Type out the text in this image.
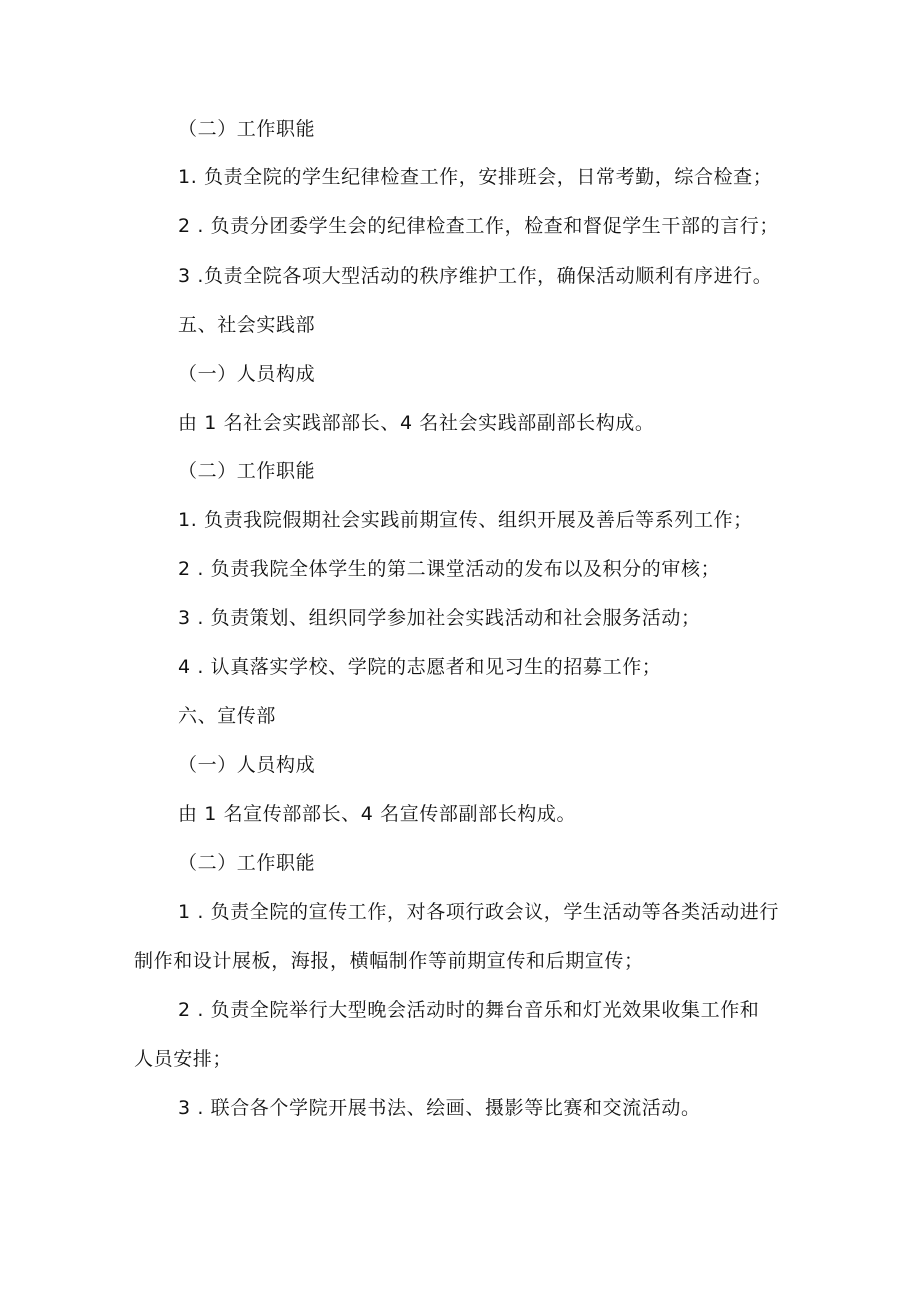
（二）工作职能
1. 负责全院的学生纪律检查工作，安排班会，日常考勤，综合检查；
2 . 负责分团委学生会的纪律检查工作，检查和督促学生干部的言行；
3 .负责全院各项大型活动的秩序维护工作，确保活动顺利有序进行。
五、社会实践部
（一）人员构成
由 1 名社会实践部部长、4 名社会实践部副部长构成。
（二）工作职能
1. 负责我院假期社会实践前期宣传、组织开展及善后等系列工作；
2 . 负责我院全体学生的第二课堂活动的发布以及积分的审核；
3 . 负责策划、组织同学参加社会实践活动和社会服务活动；
4 . 认真落实学校、学院的志愿者和见习生的招募工作；
六、宣传部
（一）人员构成
由 1 名宣传部部长、4 名宣传部副部长构成。
（二）工作职能
1 . 负责全院的宣传工作，对各项行政会议，学生活动等各类活动进行
制作和设计展板，海报，横幅制作等前期宣传和后期宣传；
2 . 负责全院举行大型晚会活动时的舞台音乐和灯光效果收集工作和
人员安排；
3 . 联合各个学院开展书法、绘画、摄影等比赛和交流活动。
